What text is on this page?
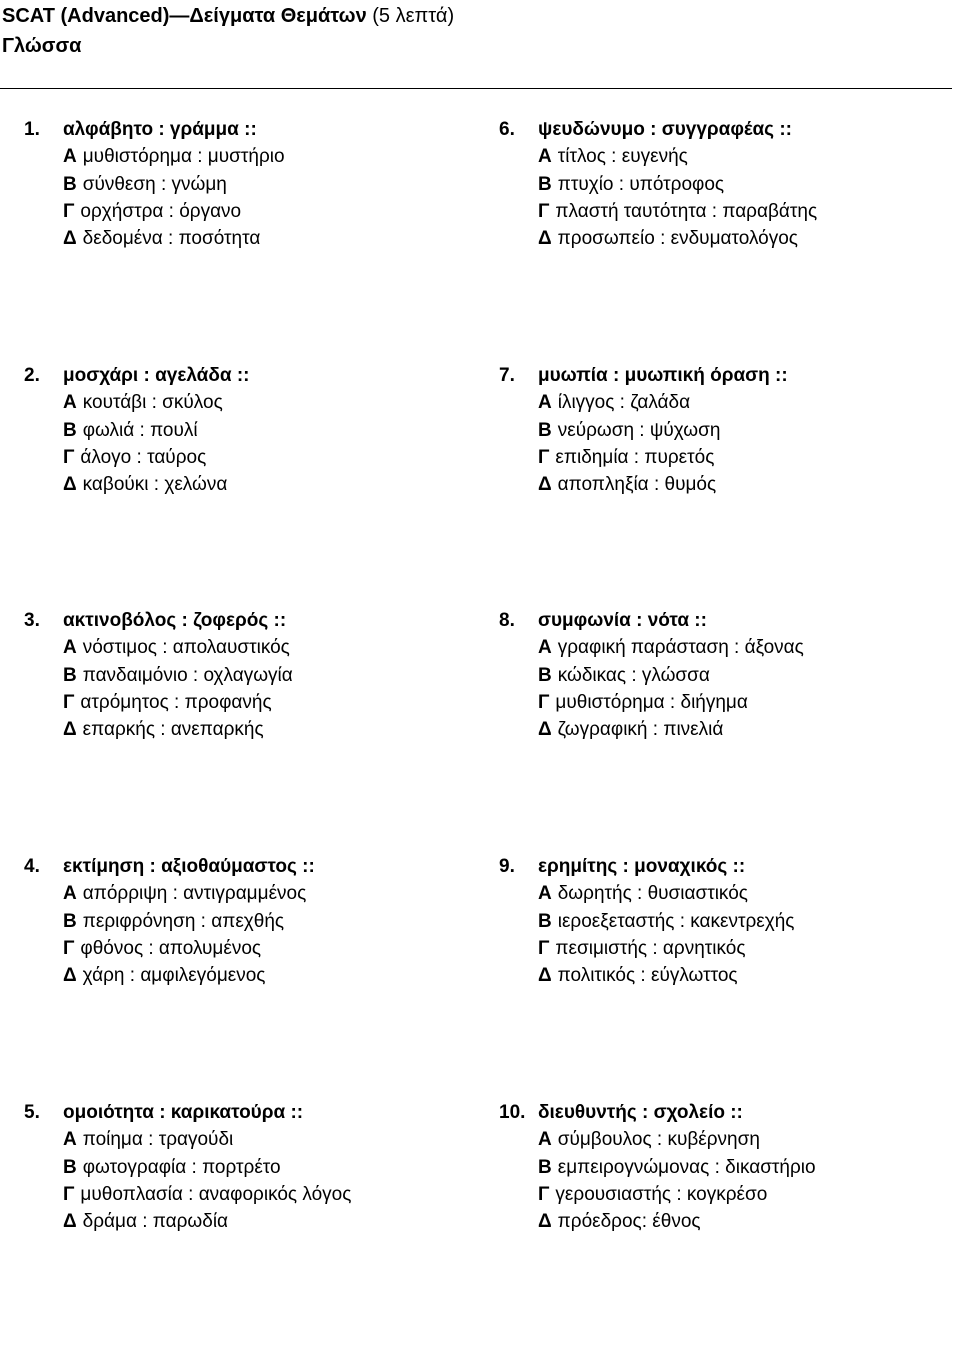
SCAT (Advanced)—Δείγματα Θεμάτων (5 λεπτά)
Γλώσσα
1.	αλφάβητο : γράμμα ::
Α μυθιστόρημα : μυστήριο
Β σύνθεση : γνώμη
Γ ορχήστρα : όργανο
Δ δεδομένα : ποσότητα
2.	μοσχάρι : αγελάδα ::
Α κουτάβι : σκύλος
Β φωλιά : πουλί
Γ άλογο : ταύρος
Δ καβούκι : χελώνα
3.	ακτινοβόλος : ζοφερός ::
Α νόστιμος : απολαυστικός
Β πανδαιμόνιο : οχλαγωγία
Γ ατρόμητος : προφανής
Δ επαρκής : ανεπαρκής
4.	εκτίμηση : αξιοθαύμαστος ::
Α απόρριψη : αντιγραμμένος
Β περιφρόνηση : απεχθής
Γ φθόνος : απολυμένος
Δ χάρη : αμφιλεγόμενος
5.	ομοιότητα : καρικατούρα ::
Α ποίημα : τραγούδι
Β φωτογραφία : πορτρέτο
Γ μυθοπλασία : αναφορικός λόγος
Δ δράμα : παρωδία
6.	ψευδώνυμο : συγγραφέας ::
Α τίτλος : ευγενής
Β πτυχίο : υπότροφος
Γ πλαστή ταυτότητα : παραβάτης
Δ προσωπείο : ενδυματολόγος
7.	μυωπία : μυωπική όραση ::
Α ίλιγγος : ζαλάδα
Β νεύρωση : ψύχωση
Γ επιδημία : πυρετός
Δ αποπληξία : θυμός
8.	συμφωνία : νότα ::
Α γραφική παράσταση : άξονας
Β κώδικας : γλώσσα
Γ μυθιστόρημα : διήγημα
Δ ζωγραφική : πινελιά
9.	ερημίτης : μοναχικός ::
Α δωρητής : θυσιαστικός
Β ιεροεξεταστής : κακεντρεχής
Γ πεσιμιστής : αρνητικός
Δ πολιτικός : εύγλωττος
10. διευθυντής : σχολείο ::
Α σύμβουλος : κυβέρνηση
Β εμπειρογνώμονας : δικαστήριο
Γ γερουσιαστής : κογκρέσο
Δ πρόεδρος: έθνος
